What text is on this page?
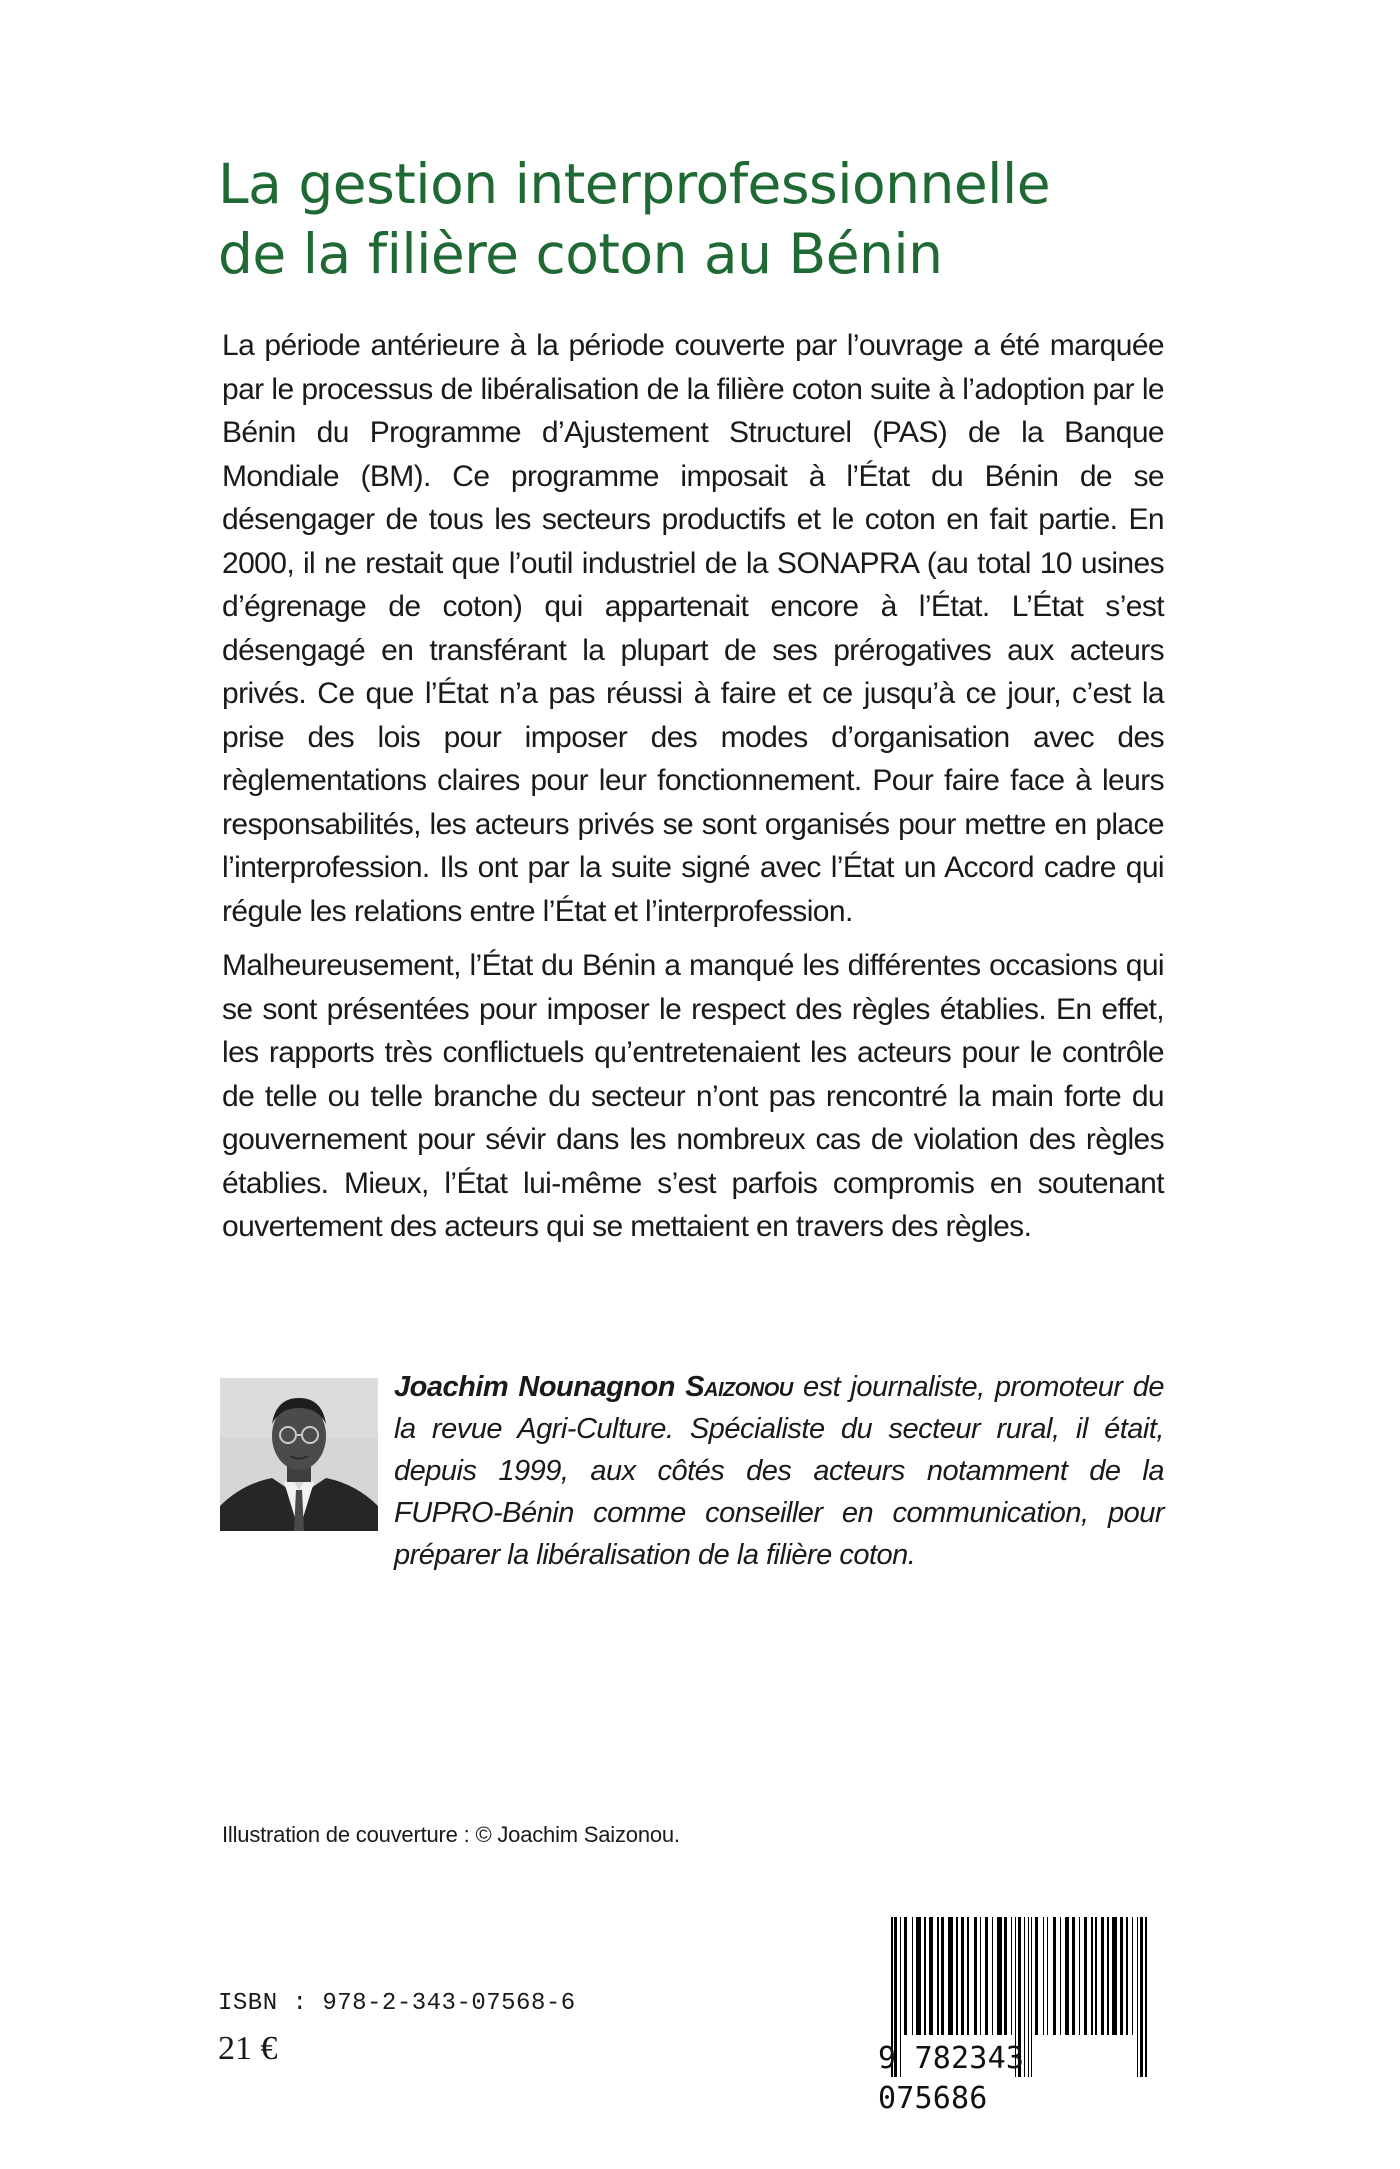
La gestion interprofessionnelle
de la filière coton au Bénin

La période antérieure à la période couverte par l’ouvrage a été marquée par le processus de libéralisation de la filière coton suite à l’adoption par le Bénin du Programme d’Ajustement Structurel (PAS) de la Banque Mondiale (BM). Ce programme imposait à l’État du Bénin de se désengager de tous les secteurs productifs et le coton en fait partie. En 2000, il ne restait que l’outil industriel de la SONAPRA (au total 10 usines d’égrenage de coton) qui appartenait encore à l’État. L’État s’est désengagé en transférant la plupart de ses prérogatives aux acteurs privés. Ce que l’État n’a pas réussi à faire et ce jusqu’à ce jour, c’est la prise des lois pour imposer des modes d’organisation avec des règlementations claires pour leur fonctionnement. Pour faire face à leurs responsabilités, les acteurs privés se sont organisés pour mettre en place l’interprofession. Ils ont par la suite signé avec l’État un Accord cadre qui régule les relations entre l’État et l’interprofession.

Malheureusement, l’État du Bénin a manqué les différentes occasions qui se sont présentées pour imposer le respect des règles établies. En effet, les rapports très conflictuels qu’entretenaient les acteurs pour le contrôle de telle ou telle branche du secteur n’ont pas rencontré la main forte du gouvernement pour sévir dans les nombreux cas de violation des règles établies. Mieux, l’État lui-même s’est parfois compromis en soutenant ouvertement des acteurs qui se mettaient en travers des règles.

Joachim Nounagnon Saizonou est journaliste, promoteur de la revue Agri-Culture. Spécialiste du secteur rural, il était, depuis 1999, aux côtés des acteurs notamment de la FUPRO-Bénin comme conseiller en communication, pour préparer la libéralisation de la filière coton.

Illustration de couverture : © Joachim Saizonou.

ISBN : 978-2-343-07568-6

21 €	9 782343 075686
